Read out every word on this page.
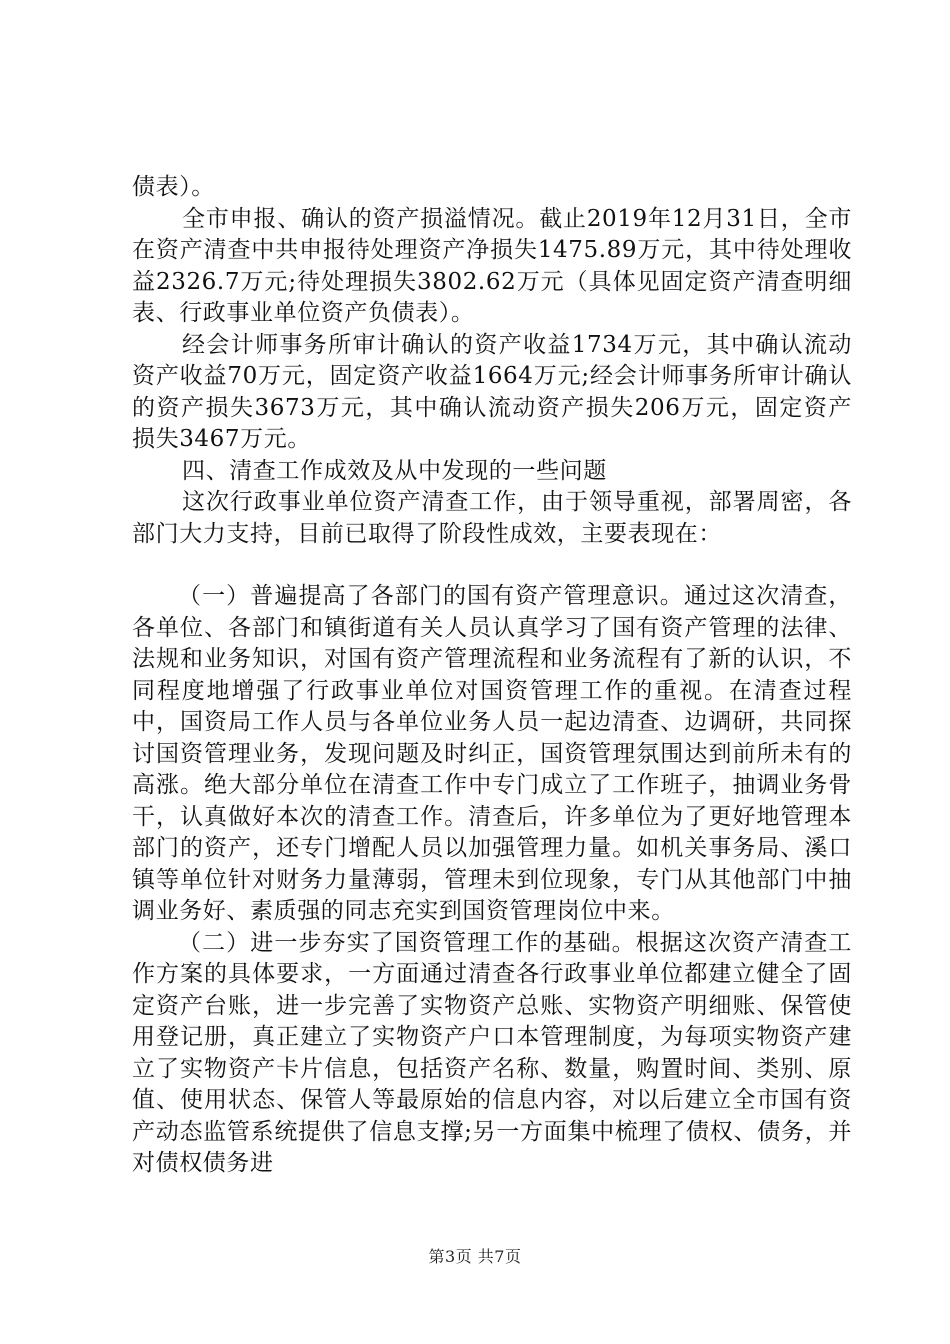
债表）。

全市申报、确认的资产损溢情况。截止2019年12月31日，全市在资产清查中共申报待处理资产净损失1475.89万元，其中待处理收益2326.7万元;待处理损失3802.62万元（具体见固定资产清查明细表、行政事业单位资产负债表）。

经会计师事务所审计确认的资产收益1734万元，其中确认流动资产收益70万元，固定资产收益1664万元;经会计师事务所审计确认的资产损失3673万元，其中确认流动资产损失206万元，固定资产损失3467万元。

四、清查工作成效及从中发现的一些问题

这次行政事业单位资产清查工作，由于领导重视，部署周密，各部门大力支持，目前已取得了阶段性成效，主要表现在：

（一）普遍提高了各部门的国有资产管理意识。通过这次清查，各单位、各部门和镇街道有关人员认真学习了国有资产管理的法律、法规和业务知识，对国有资产管理流程和业务流程有了新的认识，不同程度地增强了行政事业单位对国资管理工作的重视。在清查过程中，国资局工作人员与各单位业务人员一起边清查、边调研，共同探讨国资管理业务，发现问题及时纠正，国资管理氛围达到前所未有的高涨。绝大部分单位在清查工作中专门成立了工作班子，抽调业务骨干，认真做好本次的清查工作。清查后，许多单位为了更好地管理本部门的资产，还专门增配人员以加强管理力量。如机关事务局、溪口镇等单位针对财务力量薄弱，管理未到位现象，专门从其他部门中抽调业务好、素质强的同志充实到国资管理岗位中来。

（二）进一步夯实了国资管理工作的基础。根据这次资产清查工作方案的具体要求，一方面通过清查各行政事业单位都建立健全了固定资产台账，进一步完善了实物资产总账、实物资产明细账、保管使用登记册，真正建立了实物资产户口本管理制度，为每项实物资产建立了实物资产卡片信息，包括资产名称、数量，购置时间、类别、原值、使用状态、保管人等最原始的信息内容，对以后建立全市国有资产动态监管系统提供了信息支撑;另一方面集中梳理了债权、债务，并对债权债务进

第3页 共7页
